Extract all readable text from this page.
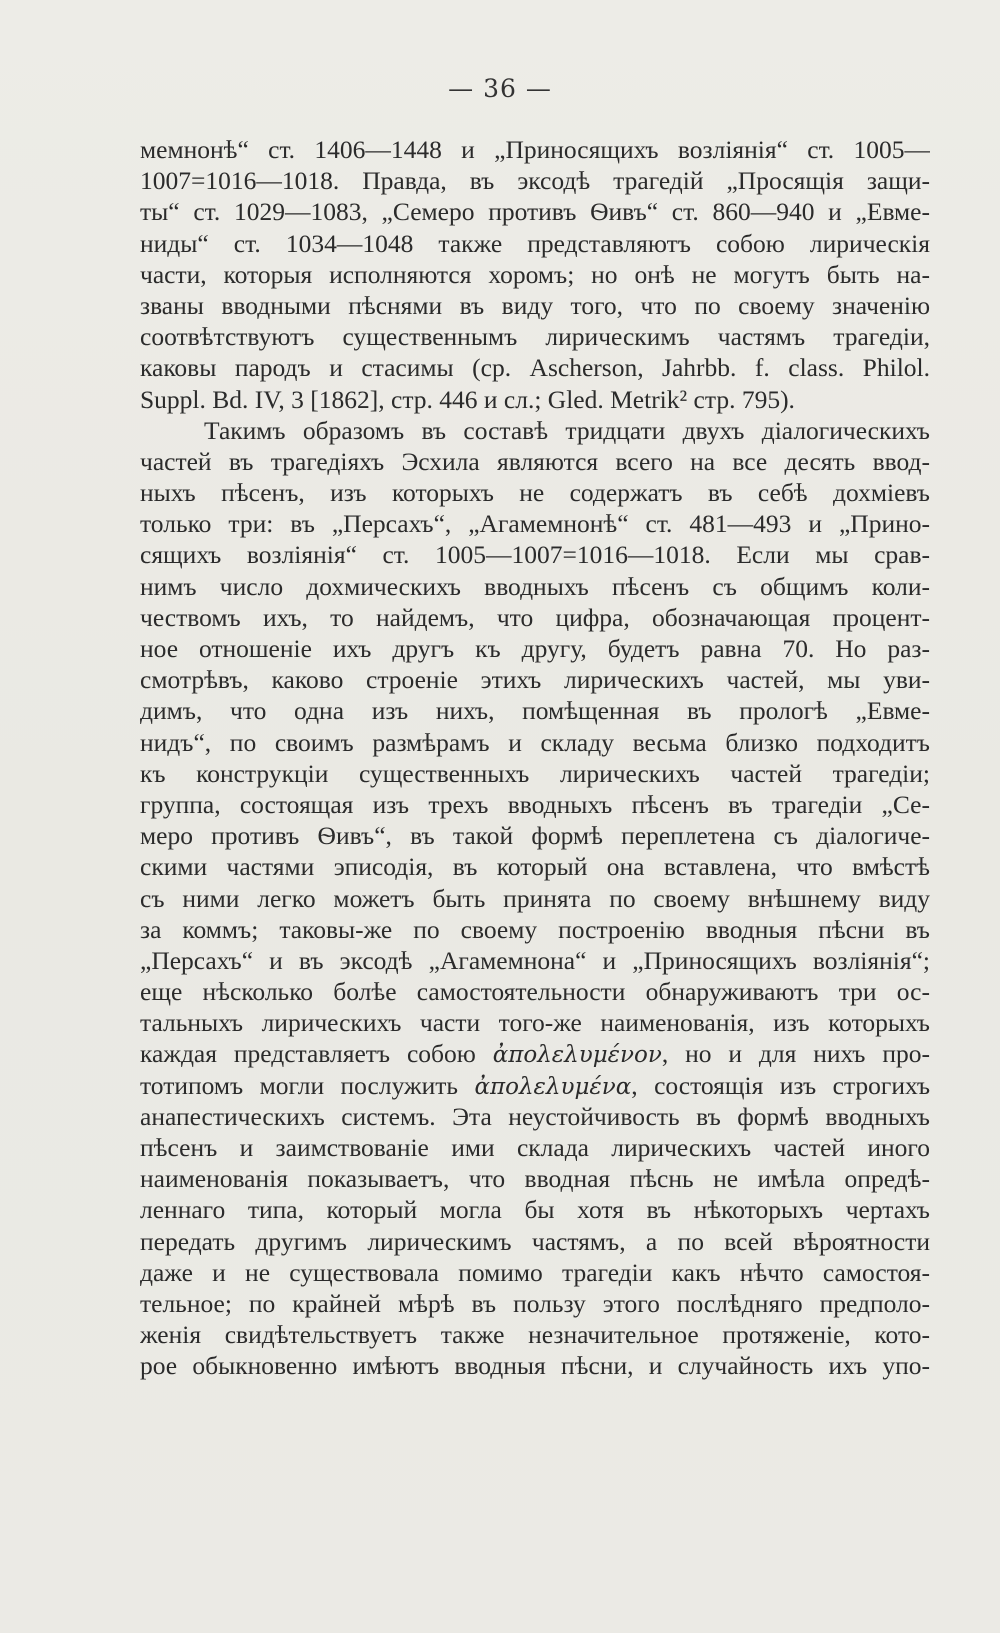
— 36 —
мемнонѣ“ ст. 1406—1448 и „Приносящихъ возліянія“ ст. 1005—
1007=1016—1018. Правда, въ эксодѣ трагедій „Просящія защи-
ты“ ст. 1029—1083, „Семеро противъ Ѳивъ“ ст. 860—940 и „Евме-
ниды“ ст. 1034—1048 также представляютъ собою лирическія
части, которыя исполняются хоромъ; но онѣ не могутъ быть на-
званы вводными пѣснями въ виду того, что по своему значенію
соотвѣтствуютъ существеннымъ лирическимъ частямъ трагедіи,
каковы пародъ и стасимы (ср. Ascherson, Jahrbb. f. class. Philol.
Suppl. Bd. IV, 3 [1862], стр. 446 и сл.; Gled. Metrik² стр. 795).
Такимъ образомъ въ составѣ тридцати двухъ діалогическихъ
частей въ трагедіяхъ Эсхила являются всего на все десять ввод-
ныхъ пѣсенъ, изъ которыхъ не содержатъ въ себѣ дохміевъ
только три: въ „Персахъ“, „Агамемнонѣ“ ст. 481—493 и „Прино-
сящихъ возліянія“ ст. 1005—1007=1016—1018. Если мы срав-
нимъ число дохмическихъ вводныхъ пѣсенъ съ общимъ коли-
чествомъ ихъ, то найдемъ, что цифра, обозначающая процент-
ное отношеніе ихъ другъ къ другу, будетъ равна 70. Но раз-
смотрѣвъ, каково строеніе этихъ лирическихъ частей, мы уви-
димъ, что одна изъ нихъ, помѣщенная въ прологѣ „Евме-
нидъ“, по своимъ размѣрамъ и складу весьма близко подходитъ
къ конструкціи существенныхъ лирическихъ частей трагедіи;
группа, состоящая изъ трехъ вводныхъ пѣсенъ въ трагедіи „Се-
меро противъ Ѳивъ“, въ такой формѣ переплетена съ діалогиче-
скими частями эписодія, въ который она вставлена, что вмѣстѣ
съ ними легко можетъ быть принята по своему внѣшнему виду
за коммъ; таковы-же по своему построенію вводныя пѣсни въ
„Персахъ“ и въ эксодѣ „Агамемнона“ и „Приносящихъ возліянія“;
еще нѣсколько болѣе самостоятельности обнаруживаютъ три ос-
тальныхъ лирическихъ части того-же наименованія, изъ которыхъ
каждая представляетъ собою ἀπολελυμένον, но и для нихъ про-
тотипомъ могли послужить ἀπολελυμένα, состоящія изъ строгихъ
анапестическихъ системъ. Эта неустойчивость въ формѣ вводныхъ
пѣсенъ и заимствованіе ими склада лирическихъ частей иного
наименованія показываетъ, что вводная пѣснь не имѣла опредѣ-
леннаго типа, который могла бы хотя въ нѣкоторыхъ чертахъ
передать другимъ лирическимъ частямъ, а по всей вѣроятности
даже и не существовала помимо трагедіи какъ нѣчто самостоя-
тельное; по крайней мѣрѣ въ пользу этого послѣдняго предполо-
женія свидѣтельствуетъ также незначительное протяженіе, кото-
рое обыкновенно имѣютъ вводныя пѣсни, и случайность ихъ упо-
